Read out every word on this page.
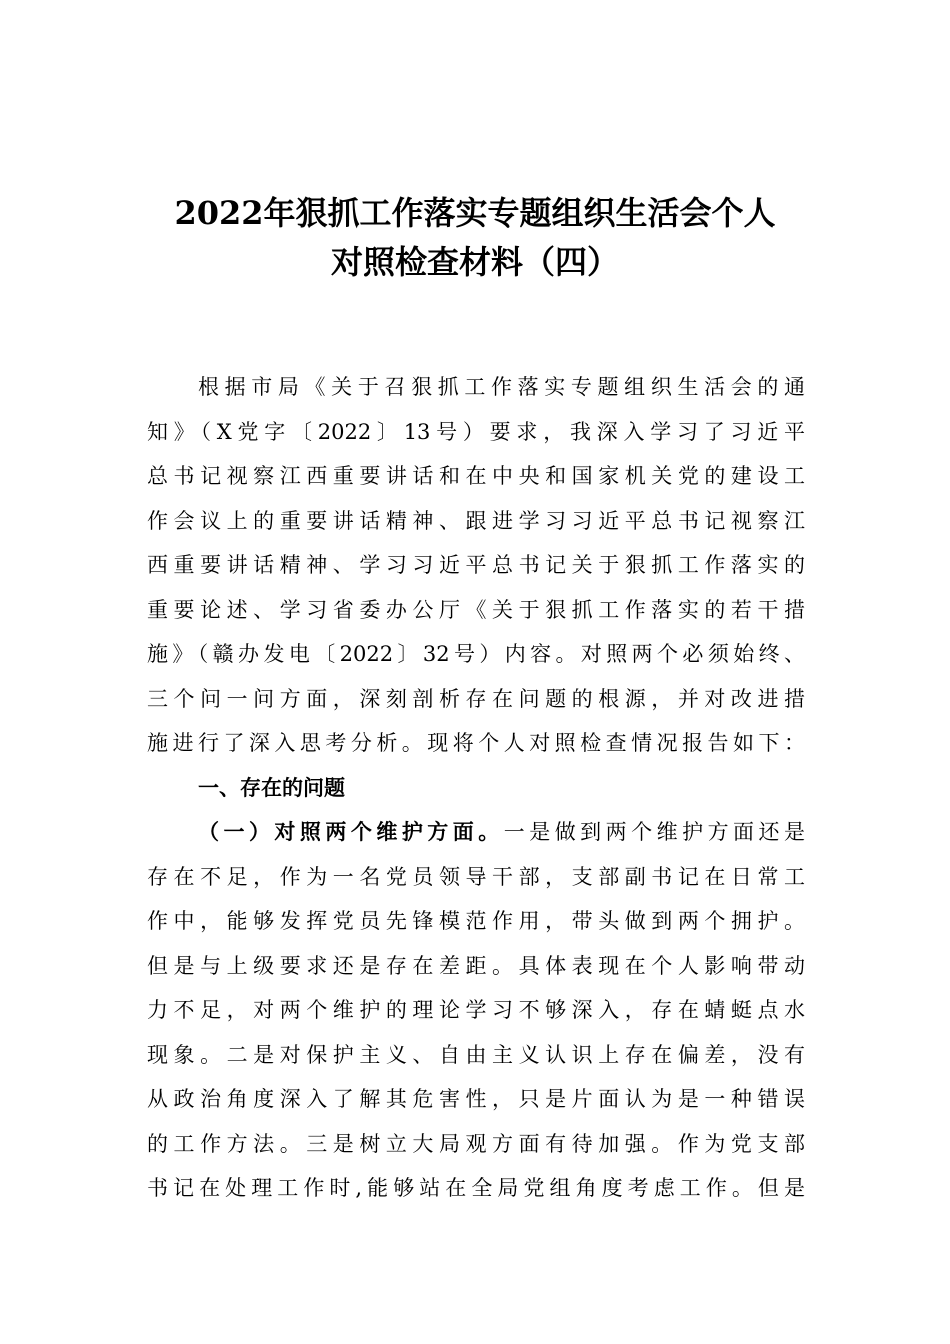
2022年狠抓工作落实专题组织生活会个人
对照检查材料（四）
根据市局《关于召狠抓工作落实专题组织生活会的通
知》（X党字〔2022〕13号）要求，我深入学习了习近平
总书记视察江西重要讲话和在中央和国家机关党的建设工
作会议上的重要讲话精神、跟进学习习近平总书记视察江
西重要讲话精神、学习习近平总书记关于狠抓工作落实的
重要论述、学习省委办公厅《关于狠抓工作落实的若干措
施》（赣办发电〔2022〕32号）内容。对照两个必须始终、
三个问一问方面，深刻剖析存在问题的根源，并对改进措
施进行了深入思考分析。现将个人对照检查情况报告如下：
一、存在的问题
（一）对照两个维护方面。一是做到两个维护方面还是
存在不足，作为一名党员领导干部，支部副书记在日常工
作中，能够发挥党员先锋模范作用，带头做到两个拥护。
但是与上级要求还是存在差距。具体表现在个人影响带动
力不足，对两个维护的理论学习不够深入，存在蜻蜓点水
现象。二是对保护主义、自由主义认识上存在偏差，没有
从政治角度深入了解其危害性，只是片面认为是一种错误
的工作方法。三是树立大局观方面有待加强。作为党支部
书记在处理工作时,能够站在全局党组角度考虑工作。但是
